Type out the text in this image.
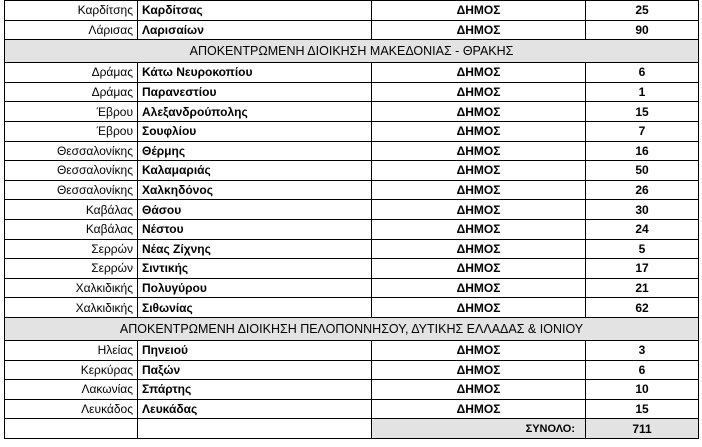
Καρδίτσης	Καρδίτσας	ΔΗΜΟΣ	25
Λάρισας	Λαρισαίων	ΔΗΜΟΣ	90
ΑΠΟΚΕΝΤΡΩΜΕΝΗ ΔΙΟΙΚΗΣΗ ΜΑΚΕΔΟΝΙΑΣ - ΘΡΑΚΗΣ			
Δράμας	Κάτω Νευροκοπίου	ΔΗΜΟΣ	6
Δράμας	Παρανεστίου	ΔΗΜΟΣ	1
Έβρου	Αλεξανδρούπολης	ΔΗΜΟΣ	15
Έβρου	Σουφλίου	ΔΗΜΟΣ	7
Θεσσαλονίκης	Θέρμης	ΔΗΜΟΣ	16
Θεσσαλονίκης	Καλαμαριάς	ΔΗΜΟΣ	50
Θεσσαλονίκης	Χαλκηδόνος	ΔΗΜΟΣ	26
Καβάλας	Θάσου	ΔΗΜΟΣ	30
Καβάλας	Νέστου	ΔΗΜΟΣ	24
Σερρών	Νέας Ζίχνης	ΔΗΜΟΣ	5
Σερρών	Σιντικής	ΔΗΜΟΣ	17
Χαλκιδικής	Πολυγύρου	ΔΗΜΟΣ	21
Χαλκιδικής	Σιθωνίας	ΔΗΜΟΣ	62
ΑΠΟΚΕΝΤΡΩΜΕΝΗ ΔΙΟΙΚΗΣΗ ΠΕΛΟΠΟΝΝΗΣΟΥ, ΔΥΤΙΚΗΣ ΕΛΛΑΔΑΣ & ΙΟΝΙΟΥ			
Ηλείας	Πηνειού	ΔΗΜΟΣ	3
Κερκύρας	Παξών	ΔΗΜΟΣ	6
Λακωνίας	Σπάρτης	ΔΗΜΟΣ	10
Λευκάδος	Λευκάδας	ΔΗΜΟΣ	15
		ΣΥΝΟΛΟ:	711
